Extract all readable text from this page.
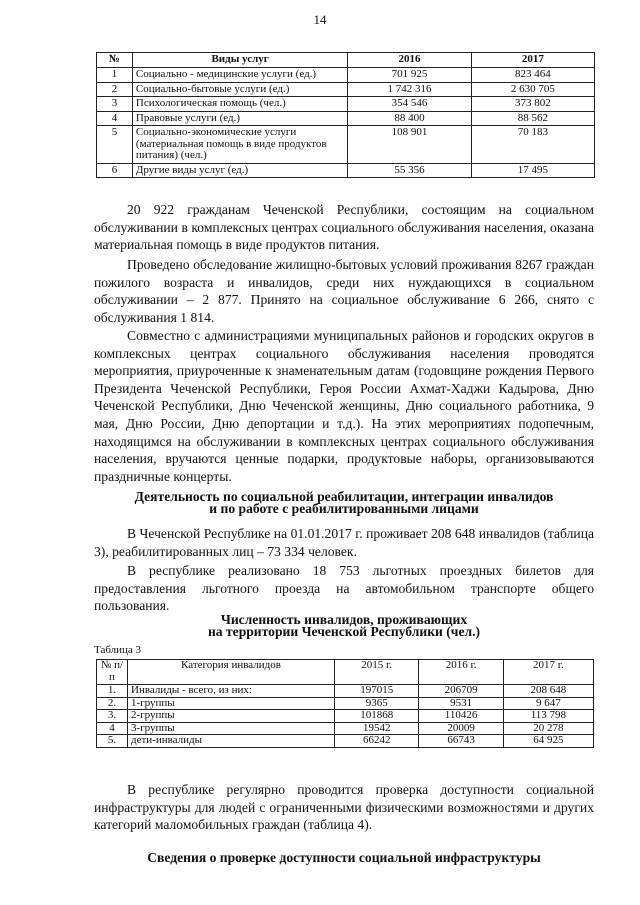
14
№	Виды услуг	2016	2017
1	Социально - медицинские услуги (ед.)	701 925	823 464
2	Социально-бытовые услуги (ед.)	1 742 316	2 630 705
3	Психологическая помощь (чел.)	354 546	373 802
4	Правовые услуги (ед.)	88 400	88 562
5	Социально-экономические услуги (материальная помощь в виде продуктов питания) (чел.)	108 901	70 183
6	Другие виды услуг (ед.)	55 356	17 495

20 922 гражданам Чеченской Республики, состоящим на социальном обслуживании в комплексных центрах социального обслуживания населения, оказана материальная помощь в виде продуктов питания.

Проведено обследование жилищно-бытовых условий проживания 8267 граждан пожилого возраста и инвалидов, среди них нуждающихся в социальном обслуживании – 2 877. Принято на социальное обслуживание 6 266, снято с обслуживания 1 814.

Совместно с администрациями муниципальных районов и городских округов в комплексных центрах социального обслуживания населения проводятся мероприятия, приуроченные к знаменательным датам (годовщине рождения Первого Президента Чеченской Республики, Героя России Ахмат-Хаджи Кадырова, Дню Чеченской Республики, Дню Чеченской женщины, Дню социального работника, 9 мая, Дню России, Дню депортации и т.д.). На этих мероприятиях подопечным, находящимся на обслуживании в комплексных центрах социального обслуживания населения, вручаются ценные подарки, продуктовые наборы, организовываются праздничные концерты.

Деятельность по социальной реабилитации, интеграции инвалидов
и по работе с реабилитированными лицами

В Чеченской Республике на 01.01.2017 г. проживает 208 648 инвалидов (таблица 3), реабилитированных лиц – 73 334 человек.

В республике реализовано 18 753 льготных проездных билетов для предоставления льготного проезда на автомобильном транспорте общего пользования.

Численность инвалидов, проживающих
на территории Чеченской Республики (чел.)

Таблица 3

№ п/п	Категория инвалидов	2015 г.	2016 г.	2017 г.
1.	Инвалиды - всего, из них:	197015	206709	208 648
2.	1-группы	9365	9531	9 647
3.	2-группы	101868	110426	113 798
4	3-группы	19542	20009	20 278
5.	дети-инвалиды	66242	66743	64 925

В республике регулярно проводится проверка доступности социальной инфраструктуры для людей с ограниченными физическими возможностями и других категорий маломобильных граждан (таблица 4).

Сведения о проверке доступности социальной инфраструктуры
